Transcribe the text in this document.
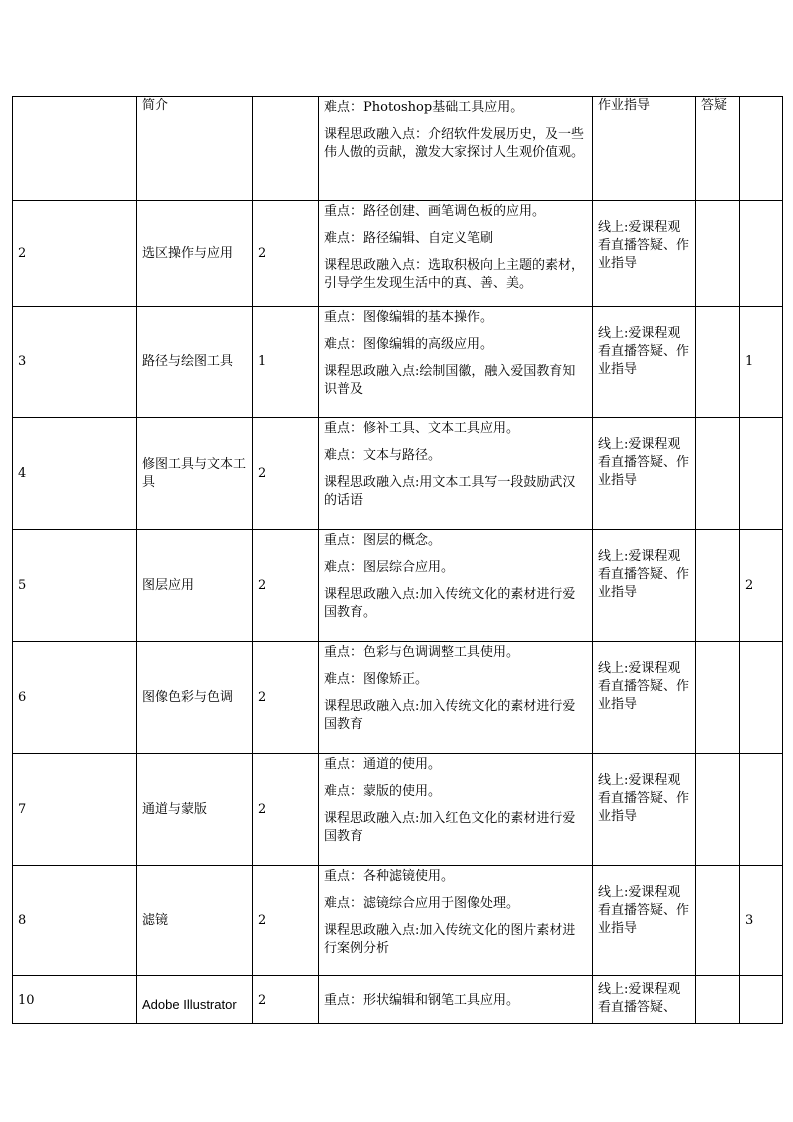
	简介		难点：Photoshop基础工具应用。

课程思政融入点：介绍软件发展历史，及一些伟人傲的贡献，激发大家探讨人生观价值观。	作业指导	答疑	
2	选区操作与应用	2	重点：路径创建、画笔调色板的应用。

难点：路径编辑、自定义笔刷

课程思政融入点：选取积极向上主题的素材，引导学生发现生活中的真、善、美。	线上:爱课程观看直播答疑、作业指导		

3	路径与绘图工具	1	重点：图像编辑的基本操作。

难点：图像编辑的高级应用。

课程思政融入点:绘制国徽，融入爱国教育知识普及	线上:爱课程观看直播答疑、作业指导		1
4	修图工具与文本工具	2	重点：修补工具、文本工具应用。

难点：文本与路径。

课程思政融入点:用文本工具写一段鼓励武汉的话语	线上:爱课程观看直播答疑、作业指导		

5	图层应用	2	重点：图层的概念。

难点：图层综合应用。

课程思政融入点:加入传统文化的素材进行爱国教育。	线上:爱课程观看直播答疑、作业指导		2
6	图像色彩与色调	2	重点：色彩与色调调整工具使用。

难点：图像矫正。

课程思政融入点:加入传统文化的素材进行爱国教育	线上:爱课程观看直播答疑、作业指导		

7	通道与蒙版	2	重点：通道的使用。

难点：蒙版的使用。

课程思政融入点:加入红色文化的素材进行爱国教育	线上:爱课程观看直播答疑、作业指导		

8	滤镜	2	重点：各种滤镜使用。

难点：滤镜综合应用于图像处理。

课程思政融入点:加入传统文化的图片素材进行案例分析	线上:爱课程观看直播答疑、作业指导		3
10	Adobe Illustrator	2	重点：形状编辑和钢笔工具应用。	线上:爱课程观看直播答疑、		
